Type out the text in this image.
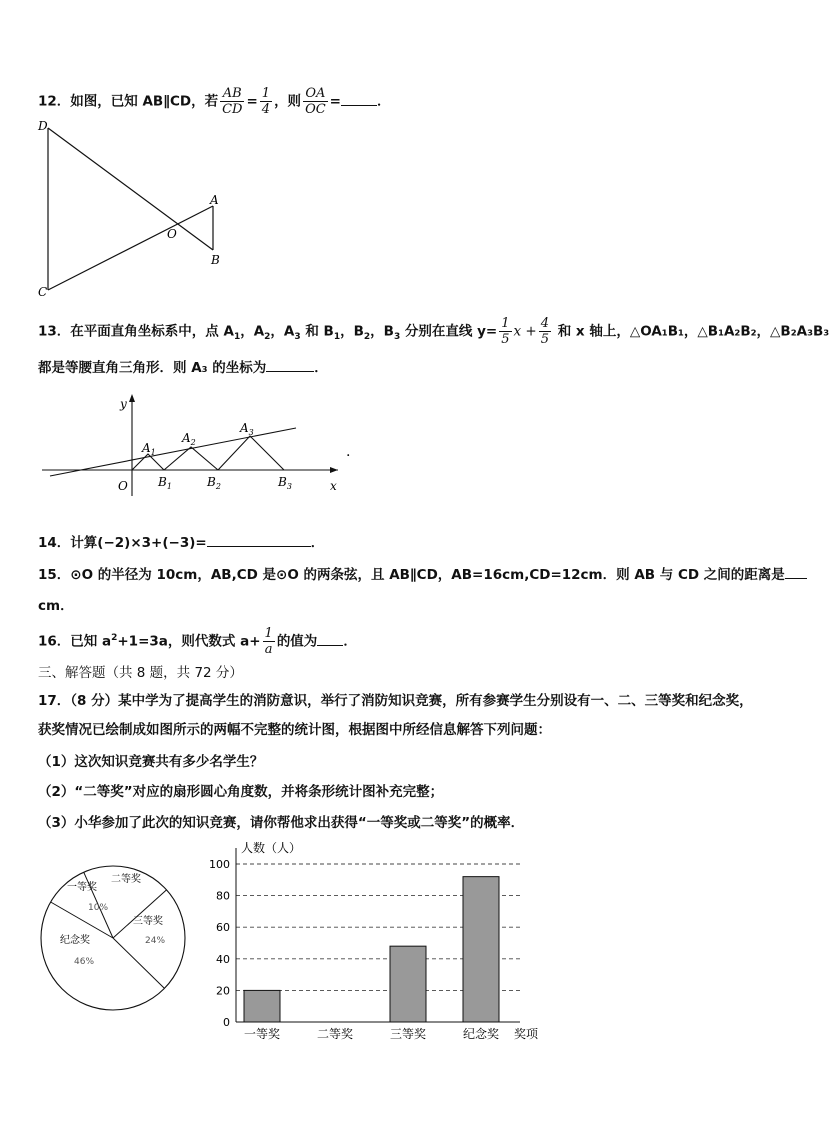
12．如图，已知 AB∥CD，若 $\frac{AB}{CD} = \frac{1}{4}$ ，则 $\frac{OA}{OC}$ =	．
D
C
A
B
O
13．在平面直角坐标系中，点 $A_1$，$A_2$，$A_3$ 和 $B_1$，$B_2$，$B_3$ 分别在直线 $y= \frac{1}{5}$ $x + \frac{4}{5}$ 和 x 轴上，△OA₁B₁，△B₁A₂B₂，△B₂A₃B₃
都是等腰直角三角形．则 A₃ 的坐标为	．
y
x
O
$A_1$
$A_2$
$A_3$
$B_1$	$B_2$	$B_3$
.
14．计算(−2)×3+(−3)=	．
15．⊙O 的半径为 10cm，AB,CD 是⊙O 的两条弦，且 AB∥CD，AB=16cm,CD=12cm．则 AB 与 CD 之间的距离是
cm．
16．已知 $a^2+1=3a$，则代数式 $a+ \frac{1}{a}$ 的值为 ．
三、解答题（共 8 题，共 72 分）
17．（8 分）某中学为了提高学生的消防意识，举行了消防知识竞赛，所有参赛学生分别设有一、二、三等奖和纪念奖，
获奖情况已绘制成如图所示的两幅不完整的统计图，根据图中所经信息解答下列问题：
（1）这次知识竞赛共有多少名学生？
（2）“二等奖”对应的扇形圆心角度数，并将条形统计图补充完整；
（3）小华参加了此次的知识竞赛，请你帮他求出获得“一等奖或二等奖”的概率．
一等奖
10%
二等奖
三等奖
24%
纪念奖
46%
0
20
40
60
80
100
一等奖	二等奖	三等奖	纪念奖
人数（人）
奖项
